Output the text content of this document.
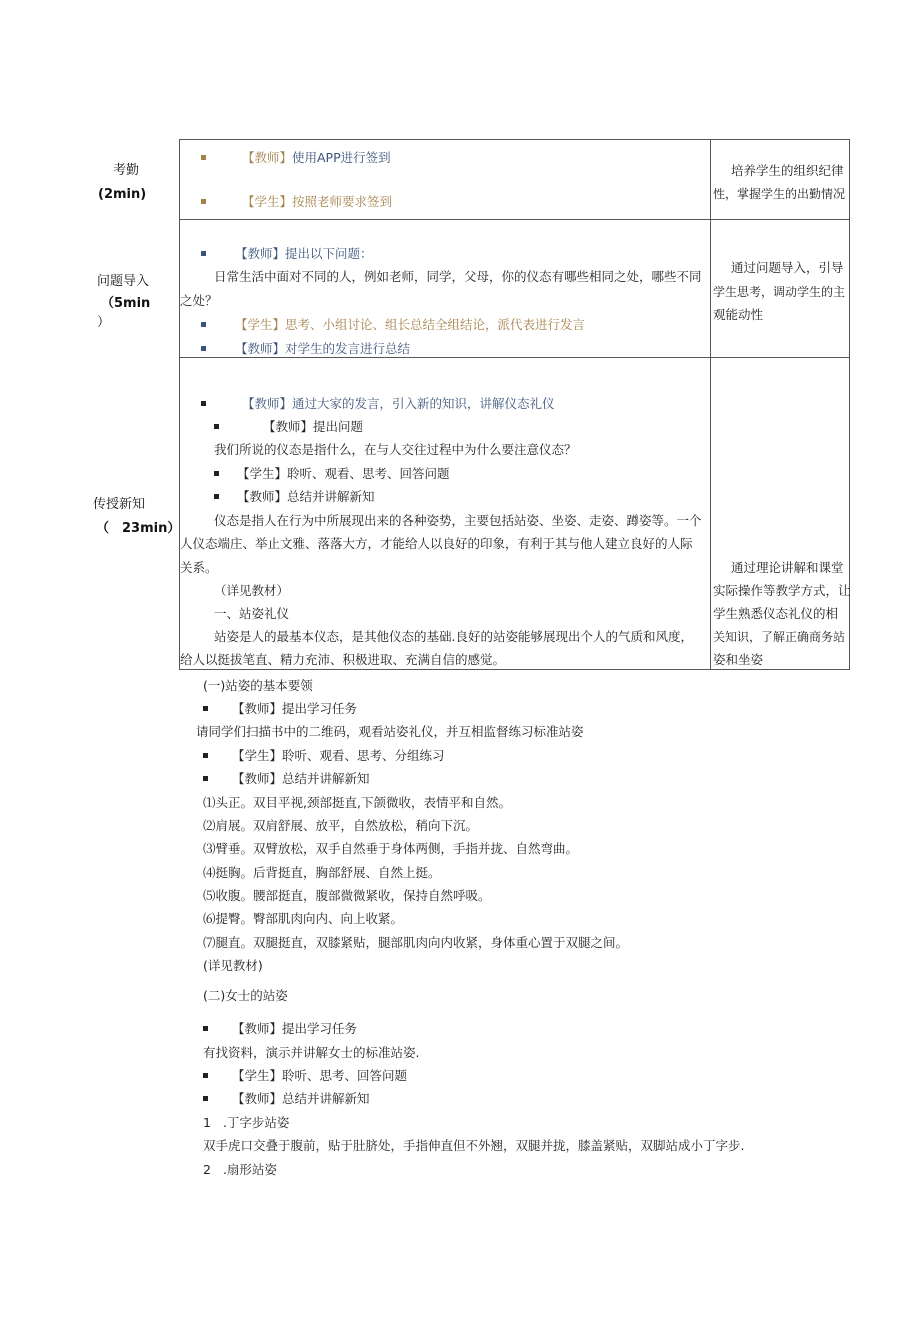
考勤
(2min)
【教师】使用APP进行签到
【学生】按照老师要求签到
培养学生的组织纪律
性，掌握学生的出勤情况
问题导入
（5min
）
【教师】提出以下问题：
日常生活中面对不同的人，例如老师，同学，父母，你的仪态有哪些相同之处，哪些不同
之处？
【学生】思考、小组讨论、组长总结全组结论，派代表进行发言
【教师】对学生的发言进行总结
通过问题导入，引导
学生思考，调动学生的主
观能动性
传授新知
（　23min）
【教师】通过大家的发言，引入新的知识，讲解仪态礼仪
【教师】提出问题
我们所说的仪态是指什么，在与人交往过程中为什么要注意仪态？
【学生】聆听、观看、思考、回答问题
【教师】总结并讲解新知
仪态是指人在行为中所展现出来的各种姿势，主要包括站姿、坐姿、走姿、蹲姿等。一个
人仪态端庄、举止文雅、落落大方，才能给人以良好的印象，有利于其与他人建立良好的人际
关系。
（详见教材）
一、站姿礼仪
站姿是人的最基本仪态，是其他仪态的基础.良好的站姿能够展现出个人的气质和风度，
给人以挺拔笔直、精力充沛、积极进取、充满自信的感觉。
通过理论讲解和课堂
实际操作等教学方式，让
学生熟悉仪态礼仪的相
关知识，了解正确商务站
姿和坐姿
(一)站姿的基本要领
【教师】提出学习任务
请同学们扫描书中的二维码，观看站姿礼仪，并互相监督练习标准站姿
【学生】聆听、观看、思考、分组练习
【教师】总结并讲解新知
⑴头正。双目平视,颈部挺直,下颌微收，表情平和自然。
⑵肩展。双肩舒展、放平，自然放松，稍向下沉。
⑶臂垂。双臂放松，双手自然垂于身体两侧，手指并拢、自然弯曲。
⑷挺胸。后背挺直，胸部舒展、自然上挺。
⑸收腹。腰部挺直，腹部微微紧收，保持自然呼吸。
⑹提臀。臀部肌肉向内、向上收紧。
⑺腿直。双腿挺直，双膝紧贴，腿部肌肉向内收紧，身体重心置于双腿之间。
(详见教材)
(二)女士的站姿
【教师】提出学习任务
有找资料，演示并讲解女士的标准站姿.
【学生】聆听、思考、回答问题
【教师】总结并讲解新知
1 .丁字步站姿
双手虎口交叠于腹前，贴于肚脐处，手指伸直但不外翘，双腿并拢，膝盖紧贴，双脚站成小丁字步.
2 .扇形站姿
